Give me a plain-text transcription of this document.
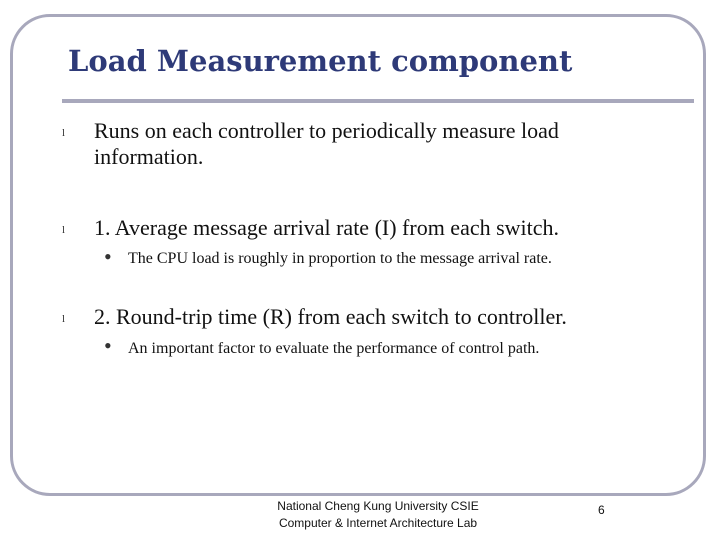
Load Measurement component
l Runs on each controller to periodically measure load information.
l 1. Average message arrival rate (I) from each switch.
• The CPU load is roughly in proportion to the message arrival rate.
l 2. Round-trip time (R) from each switch to controller.
• An important factor to evaluate the performance of control path.
National Cheng Kung University CSIE
Computer & Internet Architecture Lab
6
